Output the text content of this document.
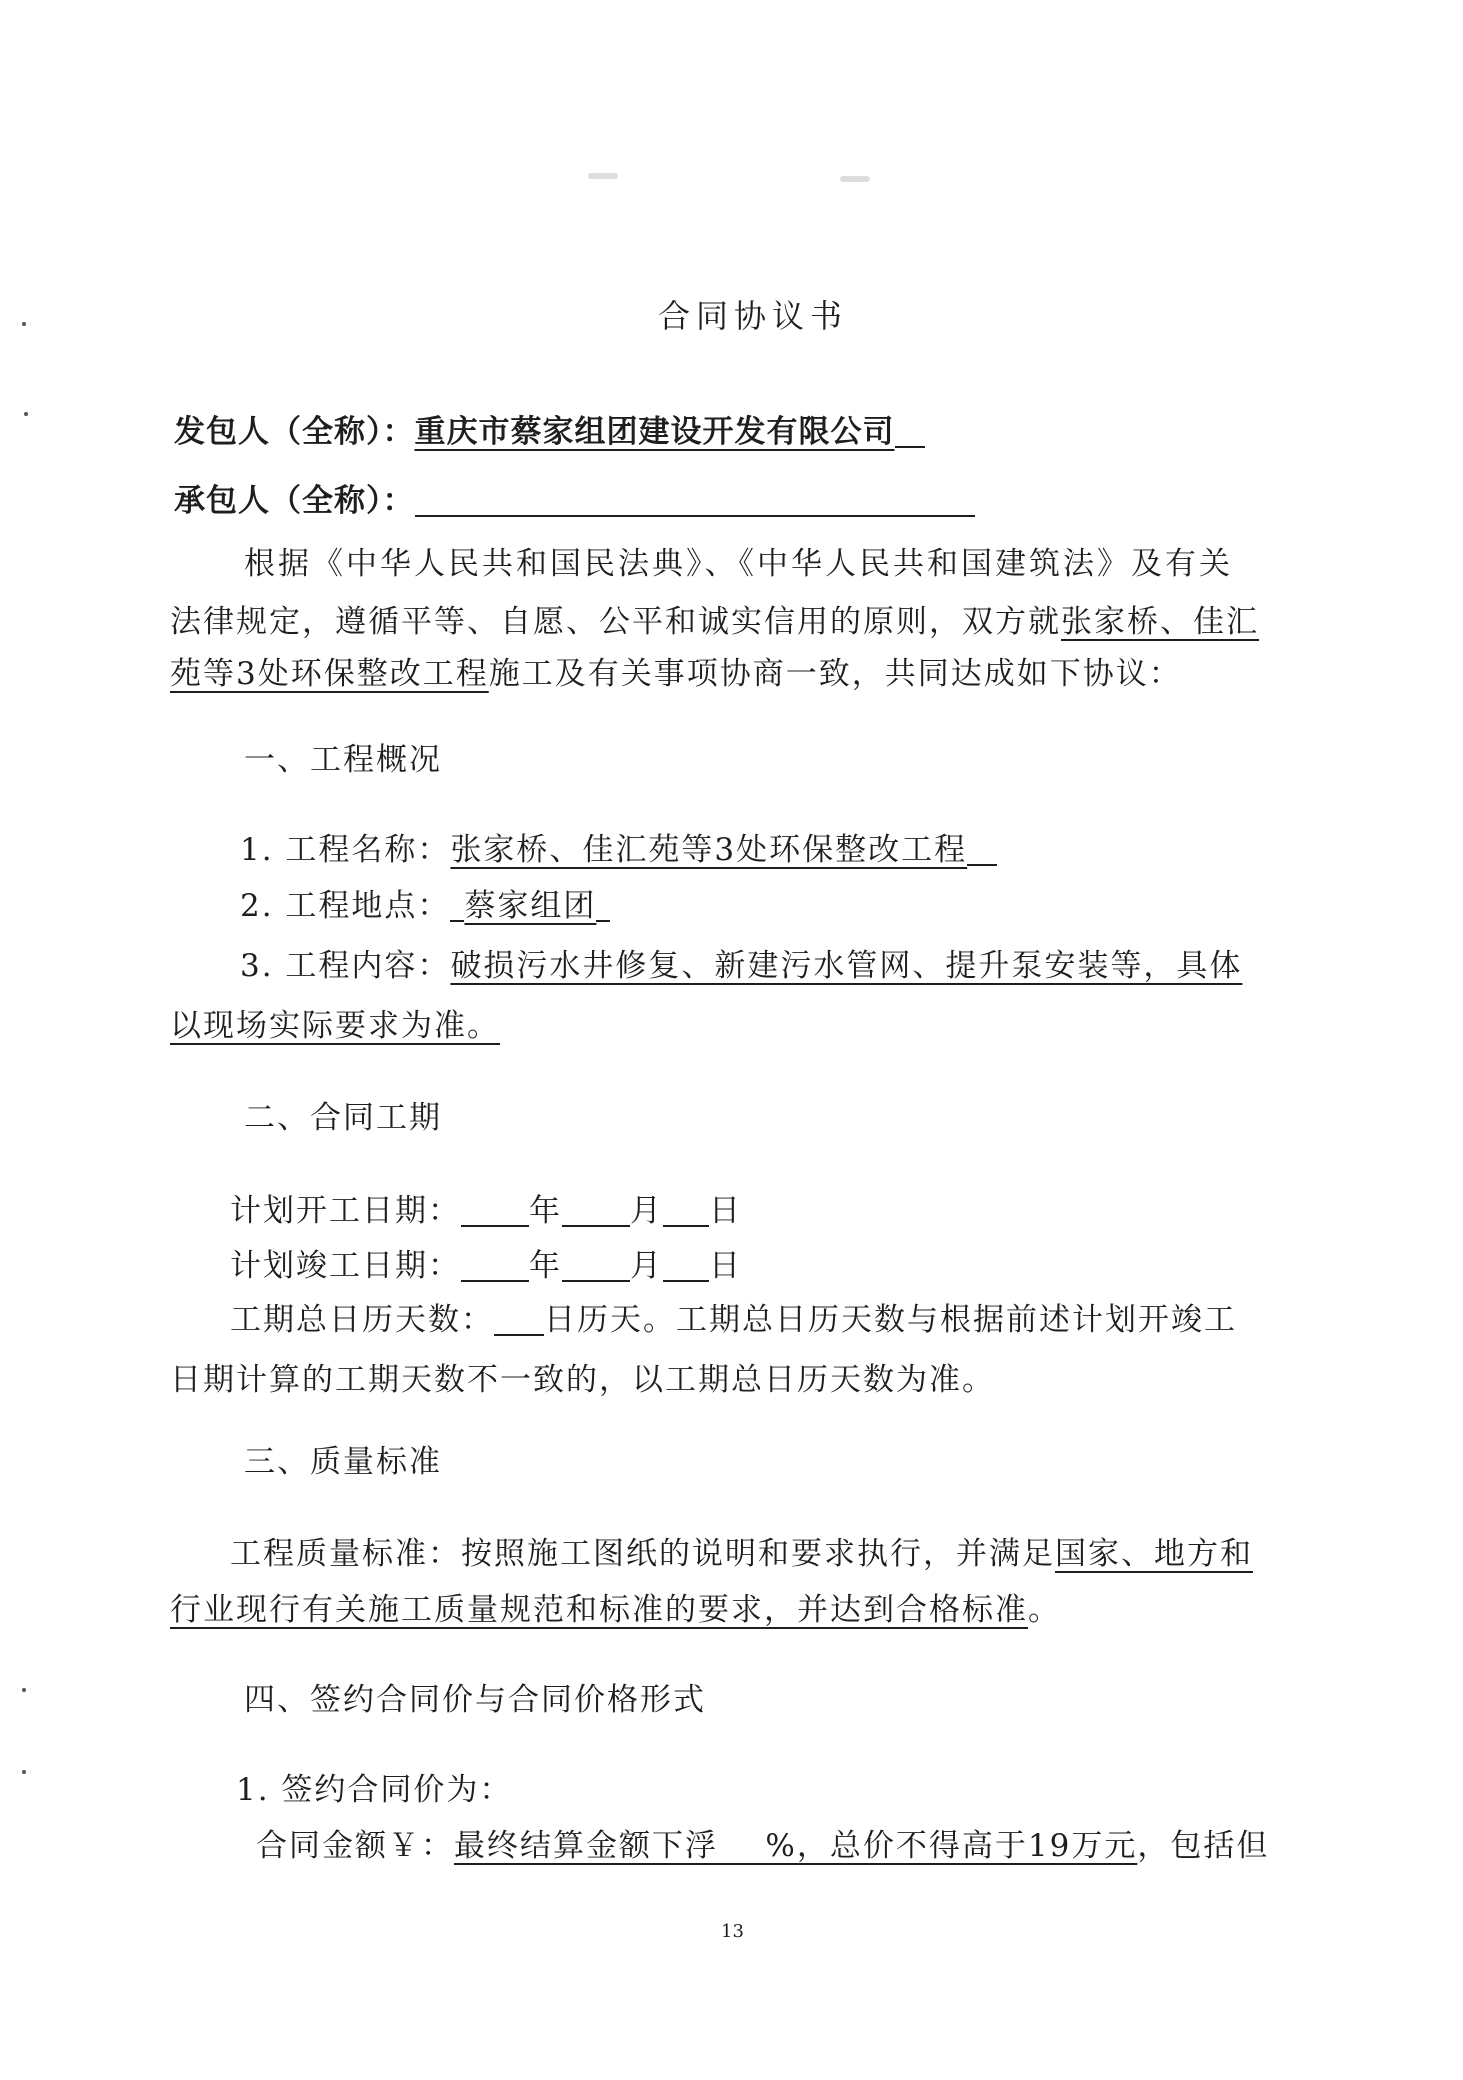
合同协议书
发包人（全称）：重庆市蔡家组团建设开发有限公司
承包人（全称）：
根据《中华人民共和国民法典》、《中华人民共和国建筑法》及有关
法律规定，遵循平等、自愿、公平和诚实信用的原则，双方就张家桥、佳汇
苑等3处环保整改工程施工及有关事项协商一致，共同达成如下协议：
一、工程概况
1. 工程名称：张家桥、佳汇苑等3处环保整改工程
2. 工程地点： 蔡家组团
3. 工程内容：破损污水井修复、新建污水管网、提升泵安装等，具体
以现场实际要求为准。
二、合同工期
计划开工日期： 年 月 日
计划竣工日期： 年 月 日
工期总日历天数： 日历天。工期总日历天数与根据前述计划开竣工
日期计算的工期天数不一致的，以工期总日历天数为准。
三、质量标准
工程质量标准：按照施工图纸的说明和要求执行，并满足国家、地方和
行业现行有关施工质量规范和标准的要求，并达到合格标准。
四、签约合同价与合同价格形式
1. 签约合同价为：
合同金额￥：最终结算金额下浮    %，总价不得高于19万元，包括但
13
